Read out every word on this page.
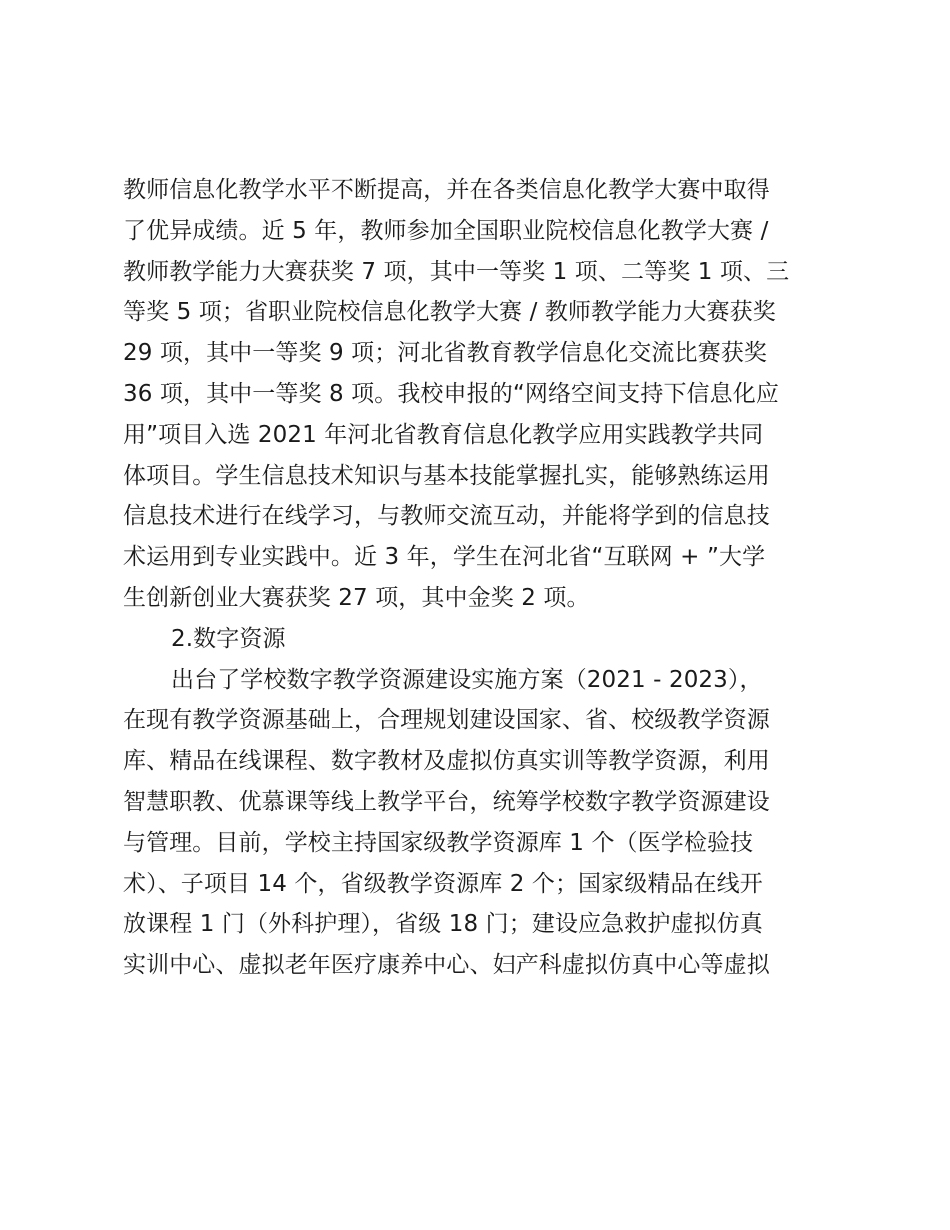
教师信息化教学水平不断提高，并在各类信息化教学大赛中取得
了优异成绩。近 5 年，教师参加全国职业院校信息化教学大赛 /
教师教学能力大赛获奖 7 项，其中一等奖 1 项、二等奖 1 项、三
等奖 5 项；省职业院校信息化教学大赛 / 教师教学能力大赛获奖
29 项，其中一等奖 9 项；河北省教育教学信息化交流比赛获奖
36 项，其中一等奖 8 项。我校申报的“网络空间支持下信息化应
用”项目入选 2021 年河北省教育信息化教学应用实践教学共同
体项目。学生信息技术知识与基本技能掌握扎实，能够熟练运用
信息技术进行在线学习，与教师交流互动，并能将学到的信息技
术运用到专业实践中。近 3 年，学生在河北省“互联网 + ”大学
生创新创业大赛获奖 27 项，其中金奖 2 项。
2.数字资源
出台了学校数字教学资源建设实施方案（2021 - 2023），
在现有教学资源基础上，合理规划建设国家、省、校级教学资源
库、精品在线课程、数字教材及虚拟仿真实训等教学资源，利用
智慧职教、优慕课等线上教学平台，统筹学校数字教学资源建设
与管理。目前，学校主持国家级教学资源库 1 个（医学检验技
术）、子项目 14 个，省级教学资源库 2 个；国家级精品在线开
放课程 1 门（外科护理），省级 18 门；建设应急救护虚拟仿真
实训中心、虚拟老年医疗康养中心、妇产科虚拟仿真中心等虚拟
